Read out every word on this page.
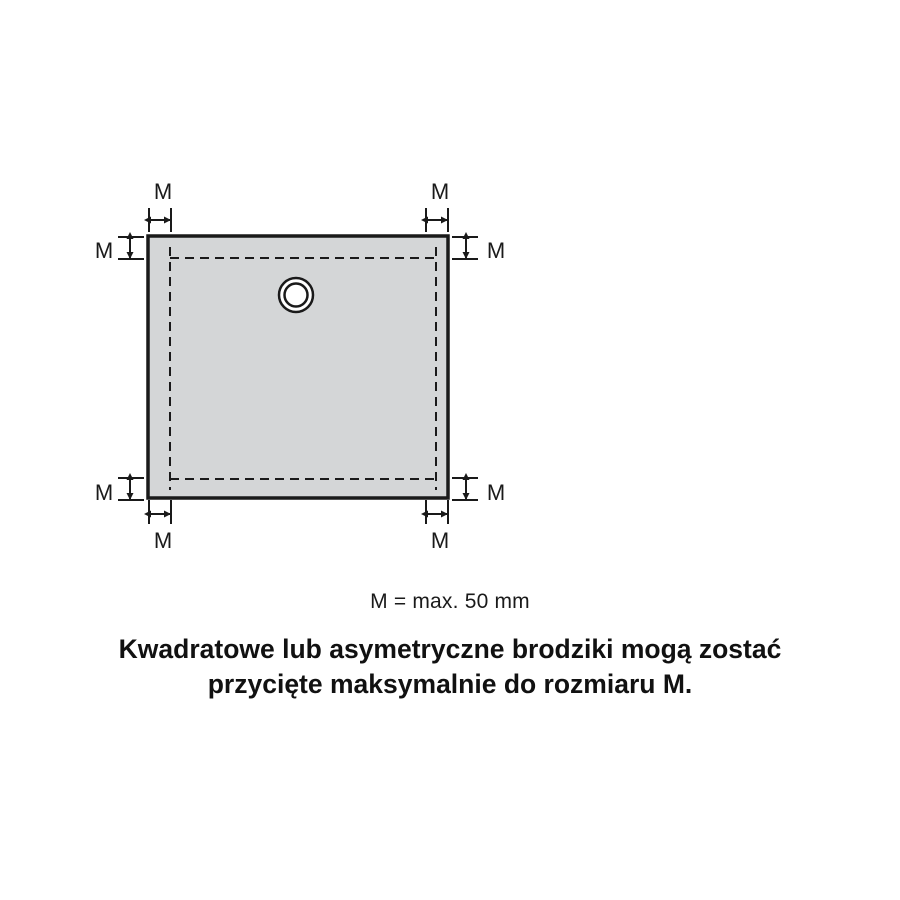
M	M
M	M
M	M
M	M

M = max. 50 mm

Kwadratowe lub asymetryczne brodziki mogą zostać
przycięte maksymalnie do rozmiaru M.
